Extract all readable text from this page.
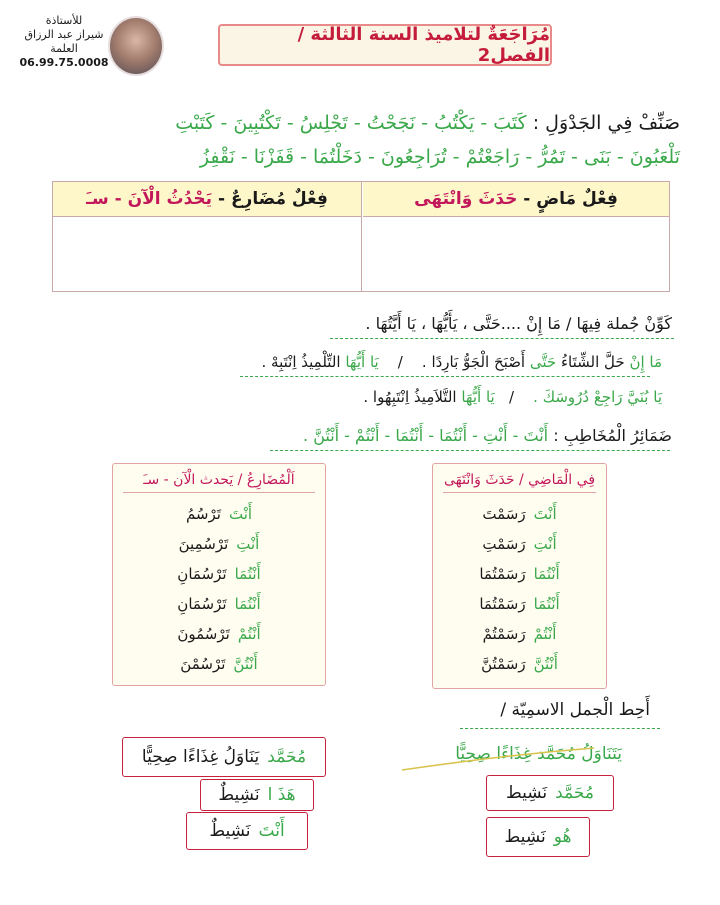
للأستاذة
شيراز عبد الرزاق
العلمة
06.99.75.0008
مُرَاجَعَةٌ لتلاميذ السنة الثالثة / الفصل2
صَنِّفْ فِي الجَدْوَلِ : كَتَبَ - يَكْتُبُ - نَجَحْتُ - تَجْلِسُ - تَكْتُبِينَ - كَتَبْتِ
تَلْعَبُونَ - بَنَى - تَمُرُّ - رَاجَعْتُمْ - تُرَاجِعُونَ - دَخَلْتُمَا - قَفَزْنَا - نَقْفِزُ
فِعْلٌ مَاضٍ -

حَدَثَ وَانْتَهَى
فِعْلٌ مُضَارِعٌ -

يَحْدُثُ الْآنَ - سـَ
كَوِّنْ جُملة فِيهَا / مَا إِنْ ....حَتَّى ، يَأَيُّهَا ، يَا أَيَّتُهَا .
مَا إِنْ حَلَّ الشِّتَاءُ حَتَّى أَصْبَحَ الْجَوُّ بَارِدًا .    /    يَا أَيُّهَا التِّلْمِيذُ اِنْتَبِهْ .
يَا بُنَيَّ رَاجِعْ دُرُوسَكَ .    /   يَا أَيُّهَا التَّلاَمِيذُ اِنْتَبِهُوا .
ضَمَائِرُ الْمُخَاطِبِ : أَنْتَ - أَنْتِ - أَنْتُمَا - أَنْتُمَا - أَنْتُمْ - أَنْتُنَّ .
فِي الْمَاضِي / حَدَثَ وَانْتَهَى
أَنْتَ
رَسَمْتَ
أَنْتِ
رَسَمْتِ
أَنْتُمَا
رَسَمْتُمَا
أَنْتُمَا
رَسَمْتُمَا
أَنْتُمْ
رَسَمْتُمْ
أَنْتُنَّ
رَسَمْتُنَّ
اَلْمُضَارِعُ / يَحدث الْآن - سـَ
أَنْتَ
تَرْسُمُ
أَنْتِ
تَرْسُمِينَ
أَنْتُمَا
تَرْسُمَانِ
أَنْتُمَا
تَرْسُمَانِ
أَنْتُمْ
تَرْسُمُونَ
أَنْتُنَّ
تَرْسُمْنَ
أَحِط الْجمل الاسمِيّة /
يَتَنَاوَلُ مُحَمَّد غِذَاءًا صِحِيًّا
مُحَمَّد
نَشِيط
هُو
نَشِيط
مُحَمَّد
يَنَاوَلُ غِذَاءًا صِحِيًّا
هَذَ ا
نَشِيطٌ
أَنْتَ
نَشِيطٌ
